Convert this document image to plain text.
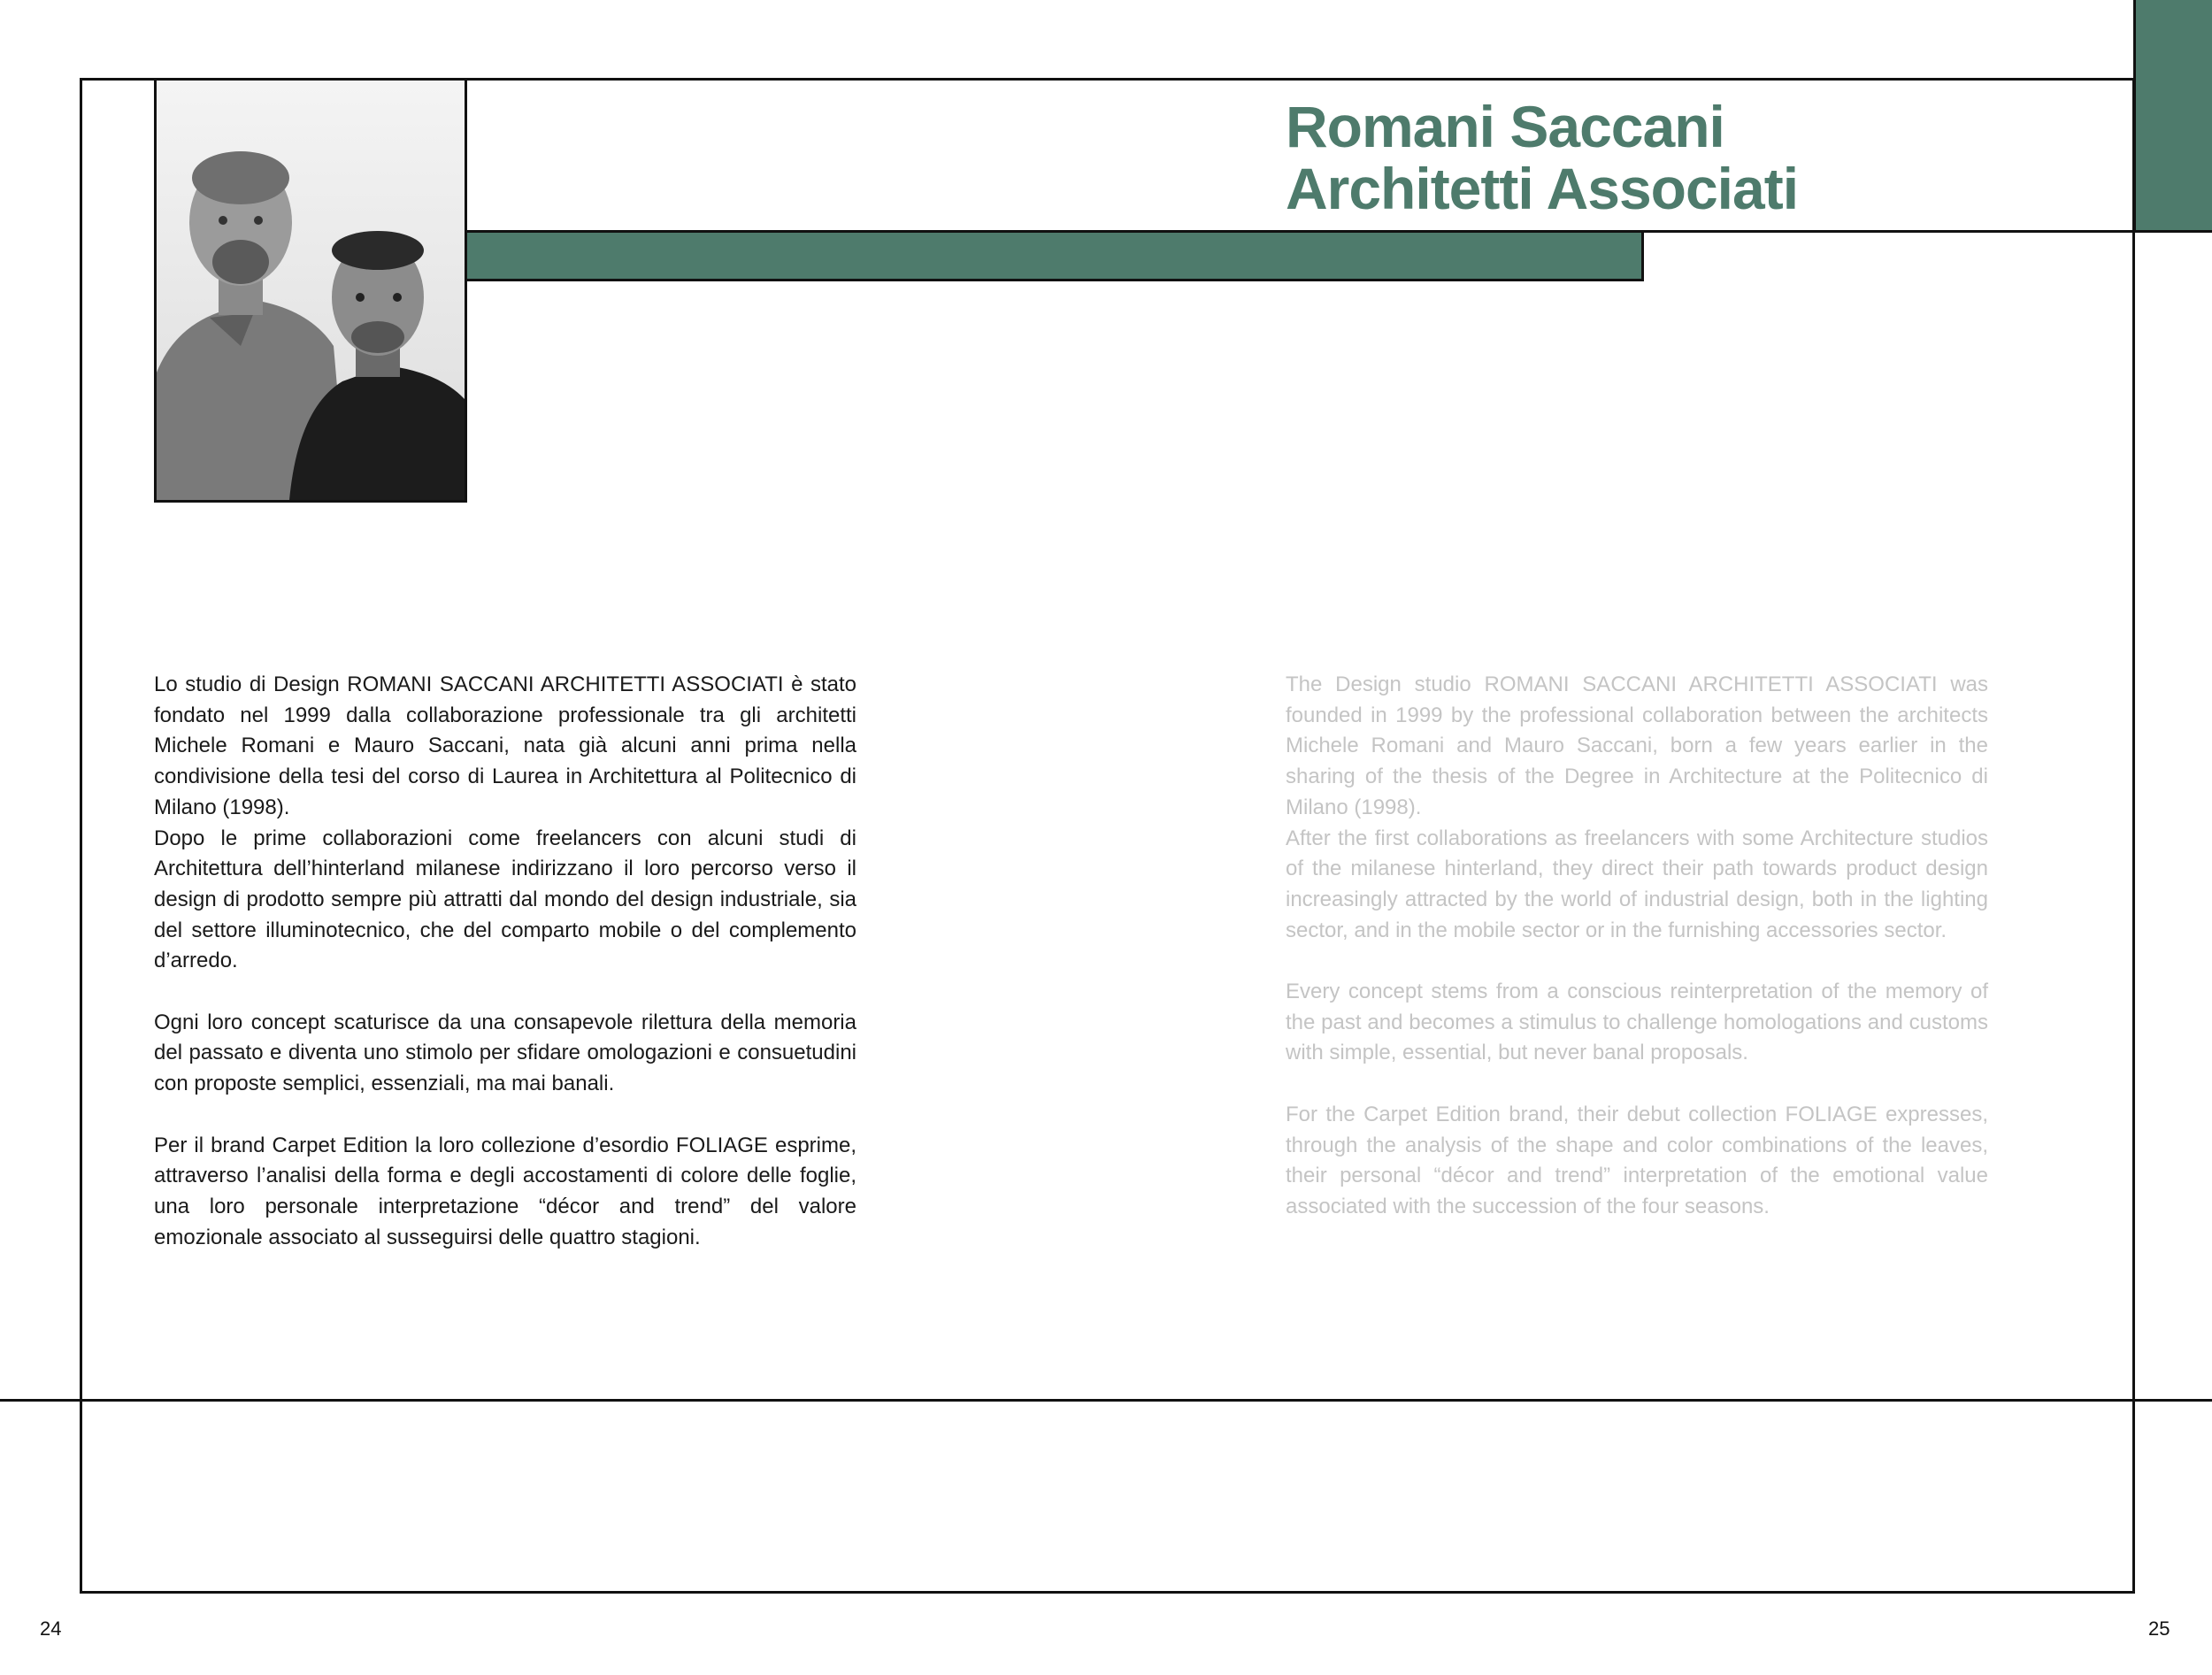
Romani Saccani
Architetti Associati

Lo studio di Design ROMANI SACCANI ARCHITETTI ASSOCIATI è stato fondato nel 1999 dalla collaborazione professionale tra gli architetti Michele Romani e Mauro Saccani, nata già alcuni anni prima nella condivisione della tesi del corso di Laurea in Architettura al Politecnico di Milano (1998).

Dopo le prime collaborazioni come freelancers con alcuni studi di Architettura dell’hinterland milanese indirizzano il loro percorso verso il design di prodotto sempre più attratti dal mondo del design industriale, sia del settore illuminotecnico, che del comparto mobile o del complemento d’arredo.

Ogni loro concept scaturisce da una consapevole rilettura della memoria del passato e diventa uno stimolo per sfidare omologazioni e consuetudini con proposte semplici, essenziali, ma mai banali.

Per il brand Carpet Edition la loro collezione d’esordio FOLIAGE esprime, attraverso l’analisi della forma e degli accostamenti di colore delle foglie, una loro personale interpretazione “décor and trend” del valore emozionale associato al susseguirsi delle quattro stagioni.

The Design studio ROMANI SACCANI ARCHITETTI ASSOCIATI was founded in 1999 by the professional collaboration between the architects Michele Romani and Mauro Saccani, born a few years earlier in the sharing of the thesis of the Degree in Architecture at the Politecnico di Milano (1998).

After the first collaborations as freelancers with some Architecture studios of the milanese hinterland, they direct their path towards product design increasingly attracted by the world of industrial design, both in the lighting sector, and in the mobile sector or in the furnishing accessories sector.

Every concept stems from a conscious reinterpretation of the memory of the past and becomes a stimulus to challenge homologations and customs with simple, essential, but never banal proposals.

For the Carpet Edition brand, their debut collection FOLIAGE expresses, through the analysis of the shape and color combinations of the leaves, their personal “décor and trend” interpretation of the emotional value associated with the succession of the four seasons.

24	25
